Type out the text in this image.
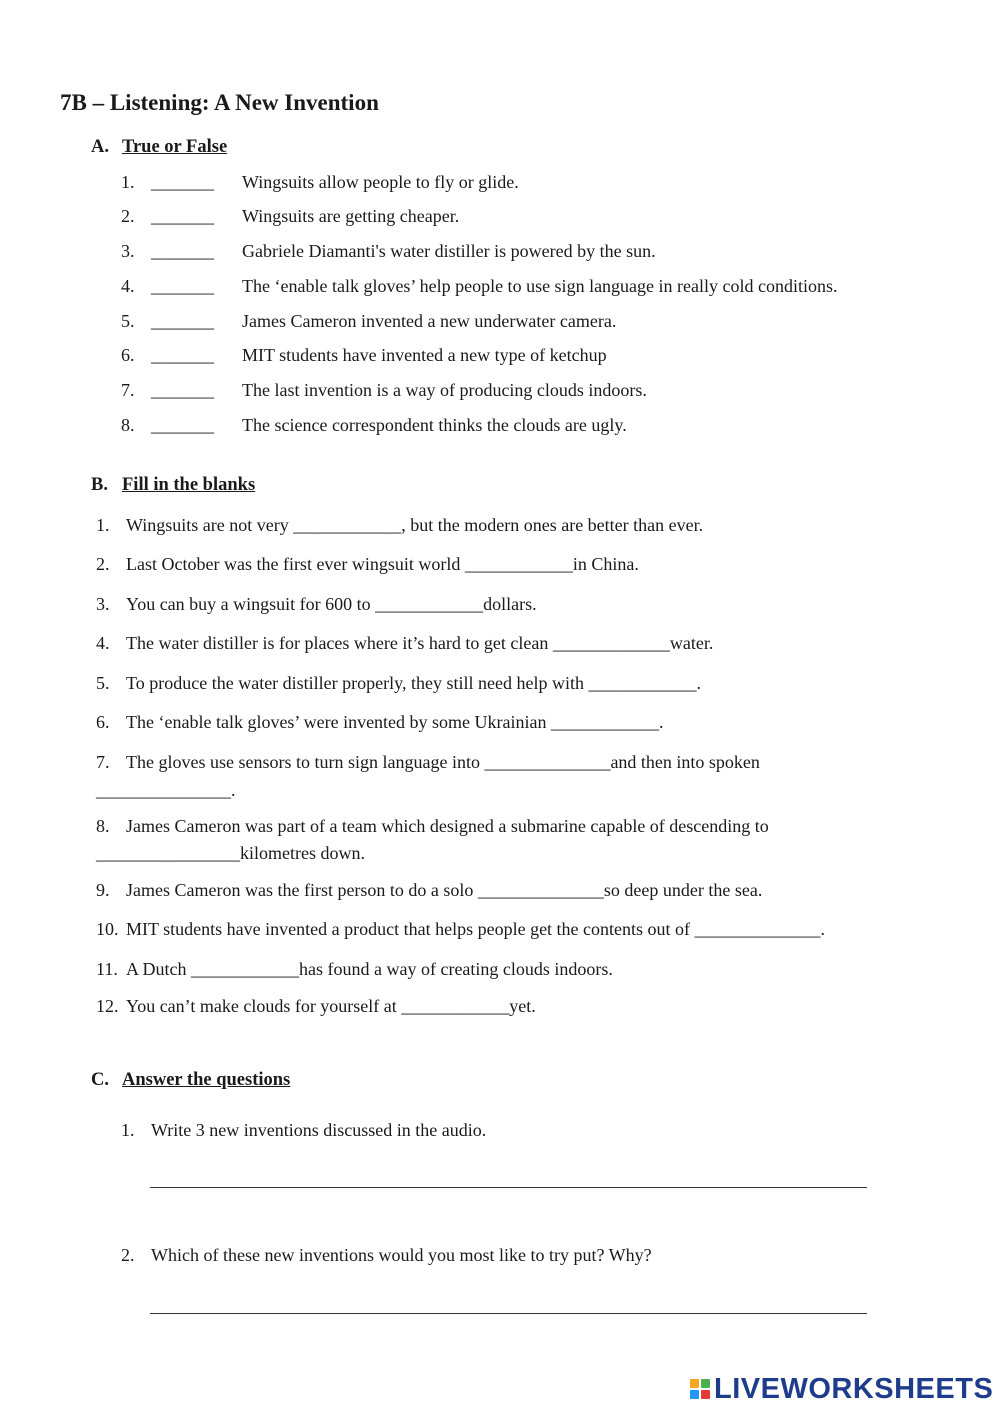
7B – Listening: A New Invention
A. True or False
1. _______ Wingsuits allow people to fly or glide.
2. _______ Wingsuits are getting cheaper.
3. _______ Gabriele Diamanti's water distiller is powered by the sun.
4. _______ The ‘enable talk gloves’ help people to use sign language in really cold conditions.
5. _______ James Cameron invented a new underwater camera.
6. _______ MIT students have invented a new type of ketchup
7. _______ The last invention is a way of producing clouds indoors.
8. _______ The science correspondent thinks the clouds are ugly.
B. Fill in the blanks
1. Wingsuits are not very ____________, but the modern ones are better than ever.
2. Last October was the first ever wingsuit world ____________in China.
3. You can buy a wingsuit for 600 to ____________dollars.
4. The water distiller is for places where it’s hard to get clean _____________water.
5. To produce the water distiller properly, they still need help with ____________.
6. The ‘enable talk gloves’ were invented by some Ukrainian ____________.
7. The gloves use sensors to turn sign language into ______________and then into spoken
_______________.
8. James Cameron was part of a team which designed a submarine capable of descending to
________________kilometres down.
9. James Cameron was the first person to do a solo ______________so deep under the sea.
10. MIT students have invented a product that helps people get the contents out of ______________.
11. A Dutch ____________has found a way of creating clouds indoors.
12. You can’t make clouds for yourself at ____________yet.
C. Answer the questions
1. Write 3 new inventions discussed in the audio.
2. Which of these new inventions would you most like to try put? Why?
LIVEWORKSHEETS
